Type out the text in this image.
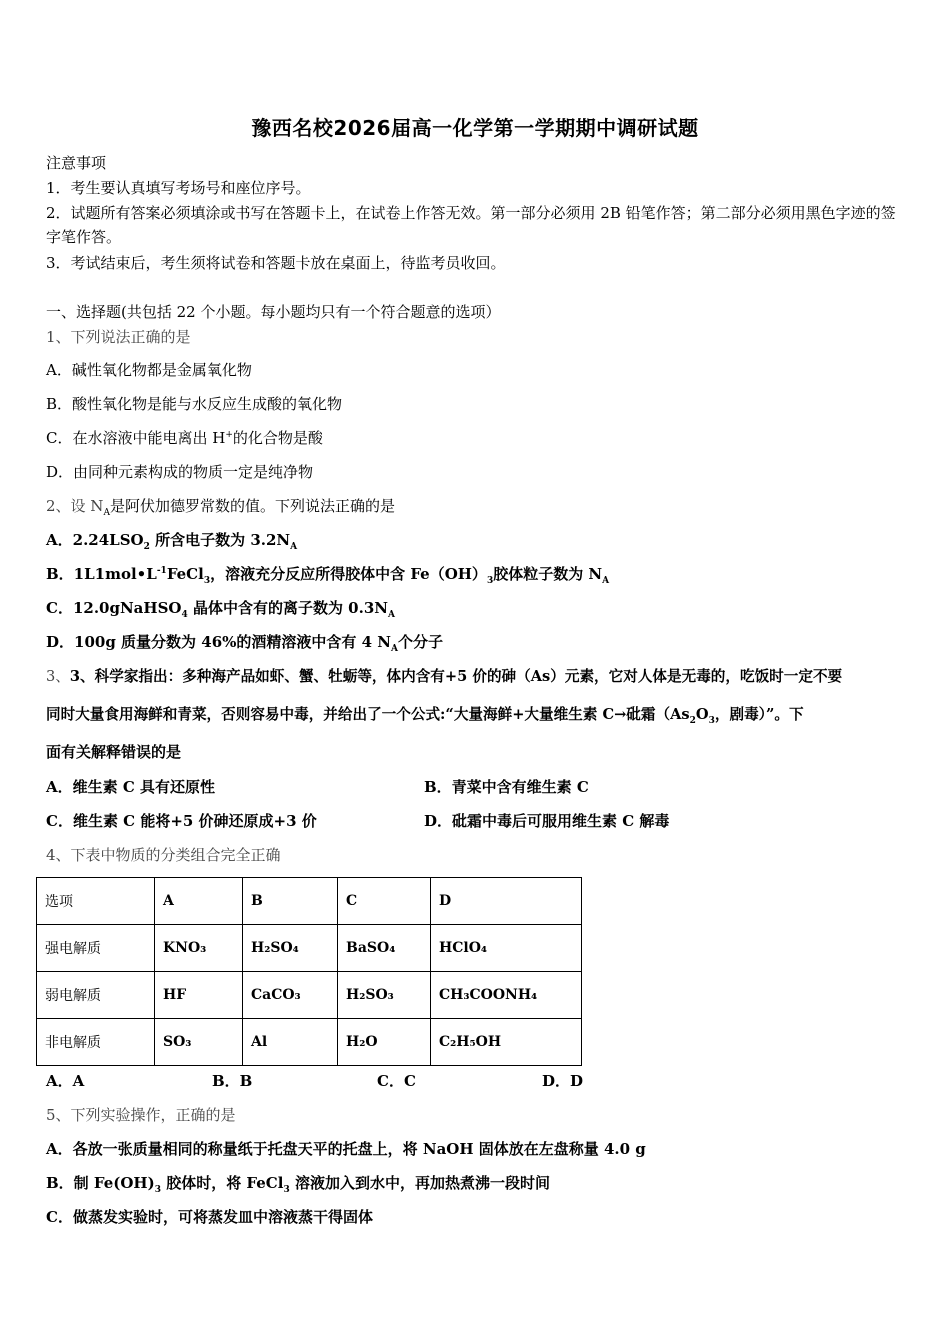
豫西名校2026届高一化学第一学期期中调研试题
注意事项
1．考生要认真填写考场号和座位序号。
2．试题所有答案必须填涂或书写在答题卡上，在试卷上作答无效。第一部分必须用 2B 铅笔作答；第二部分必须用黑色字迹的签字笔作答。
3．考试结束后，考生须将试卷和答题卡放在桌面上，待监考员收回。
一、选择题(共包括 22 个小题。每小题均只有一个符合题意的选项）
1、下列说法正确的是
A．碱性氧化物都是金属氧化物
B．酸性氧化物是能与水反应生成酸的氧化物
C．在水溶液中能电离出 H+的化合物是酸
D．由同种元素构成的物质一定是纯净物
2、设 $N_A$是阿伏加德罗常数的值。下列说法正确的是
A．$2.24LSO_2$ 所含电子数为 $3.2N_A$
B．$1L1mol•L^{-1}FeCl_3$，溶液充分反应所得胶体中含 $Fe(OH)_3$胶体粒子数为 $N_A$
C．12.0gNaHSO$_4$ 晶体中含有的离子数为 $0.3N_A$
D．100g 质量分数为 46%的酒精溶液中含有 4 $N_A$个分子
3、3、科学家指出：多种海产品如虾、蟹、牡蛎等，体内含有+5 价的砷（As）元素，它对人体是无毒的，吃饭时一定不要
同时大量食用海鲜和青菜，否则容易中毒，并给出了一个公式:“大量海鲜+大量维生素 C→砒霜（$As_2O_3$，剧毒）”。下
面有关解释错误的是
A．维生素 C 具有还原性	B．青菜中含有维生素 C
C．维生素 C 能将+5 价砷还原成+3 价	D．砒霜中毒后可服用维生素 C 解毒
4、下表中物质的分类组合完全正确
选项	A	B	C	D
强电解质	KNO₃	H₂SO₄	BaSO₄	HClO₄
弱电解质	HF	CaCO₃	H₂SO₃	CH₃COONH₄
非电解质	SO₃	Al	H₂O	C₂H₅OH
A．A	B．B	C．C	D．D
5、下列实验操作，正确的是
A．各放一张质量相同的称量纸于托盘天平的托盘上，将 NaOH 固体放在左盘称量 4.0 g
B．制 $Fe(OH)_3$ 胶体时，将 FeCl$_3$ 溶液加入到水中，再加热煮沸一段时间
C．做蒸发实验时，可将蒸发皿中溶液蒸干得固体
